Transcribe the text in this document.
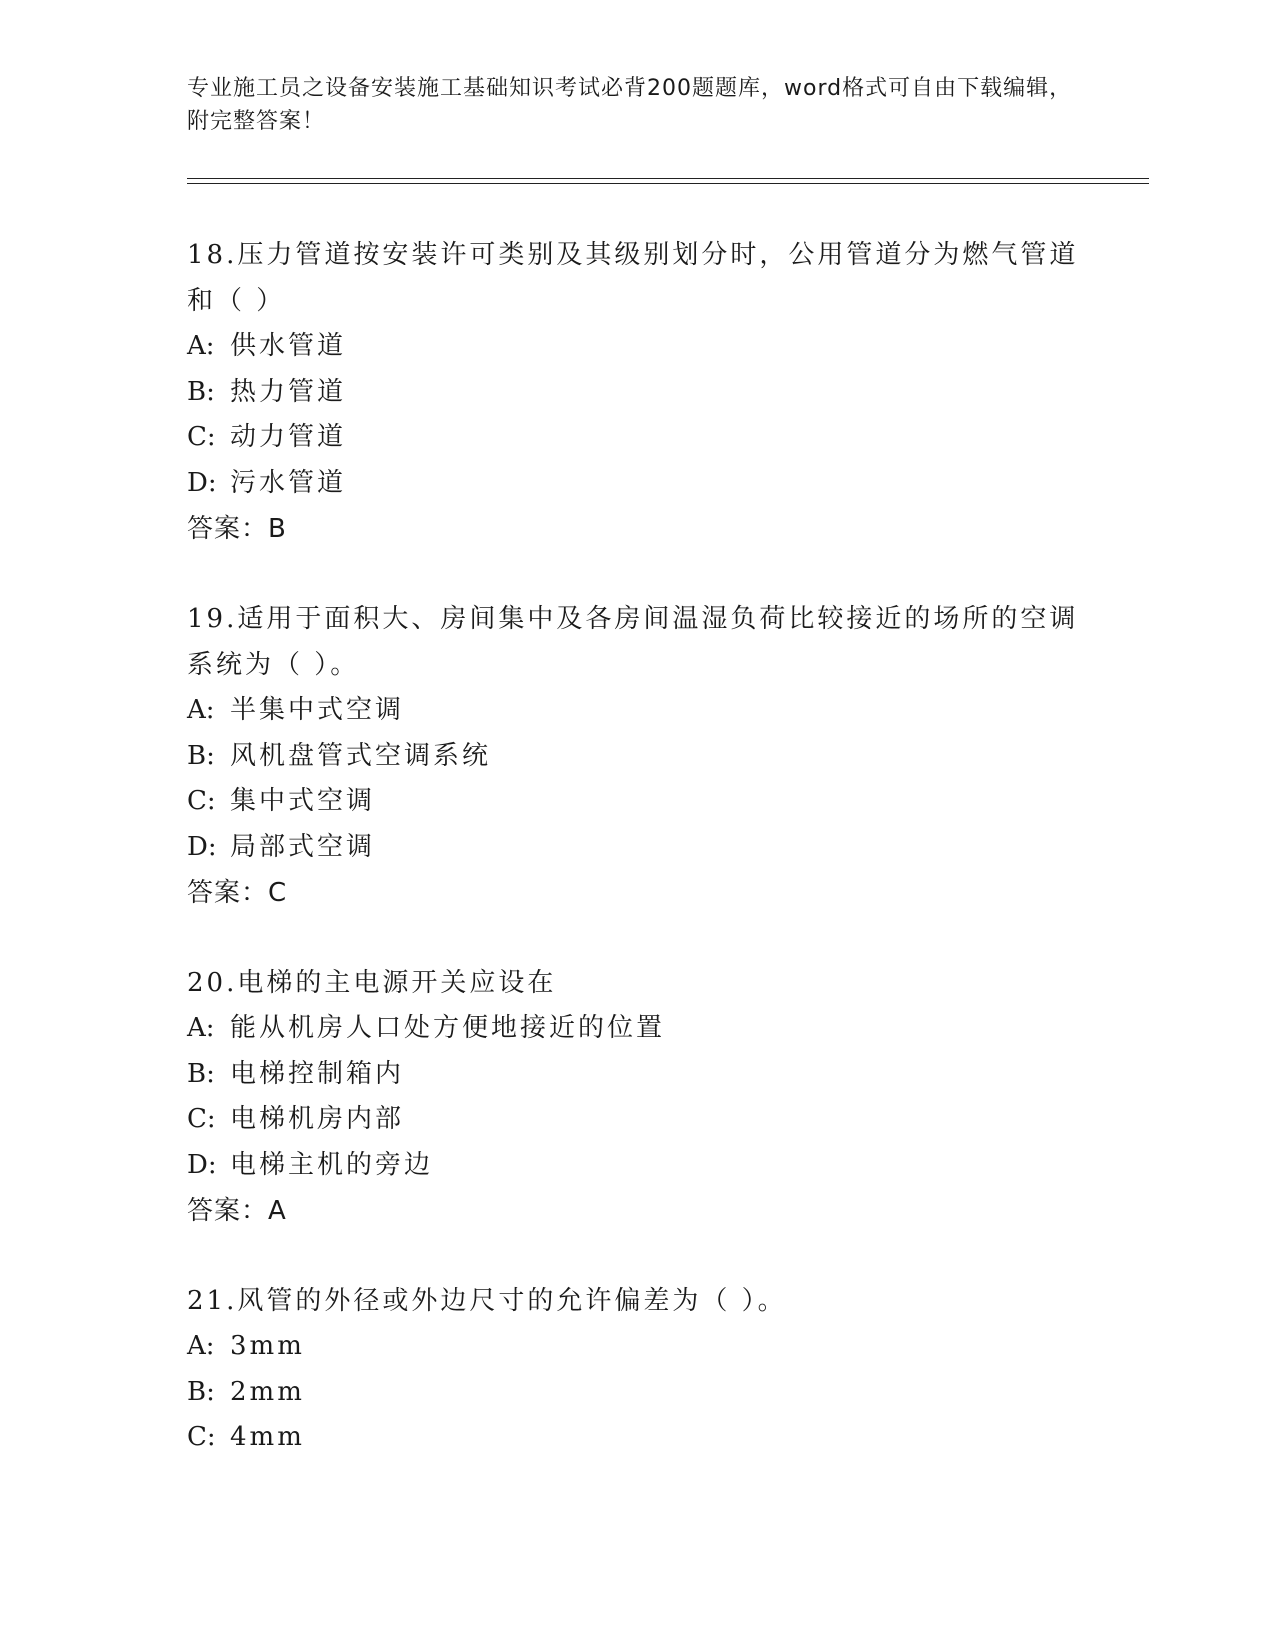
专业施工员之设备安装施工基础知识考试必背200题题库，word格式可自由下载编辑，附完整答案！

18.压力管道按安装许可类别及其级别划分时，公用管道分为燃气管道和（ ）

A: 供水管道

B: 热力管道

C: 动力管道

D: 污水管道

答案：B

19.适用于面积大、房间集中及各房间温湿负荷比较接近的场所的空调系统为（ ）。

A: 半集中式空调

B: 风机盘管式空调系统

C: 集中式空调

D: 局部式空调

答案：C

20.电梯的主电源开关应设在

A: 能从机房人口处方便地接近的位置

B: 电梯控制箱内

C: 电梯机房内部

D: 电梯主机的旁边

答案：A

21.风管的外径或外边尺寸的允许偏差为（ ）。

A: 3mm

B: 2mm

C: 4mm
